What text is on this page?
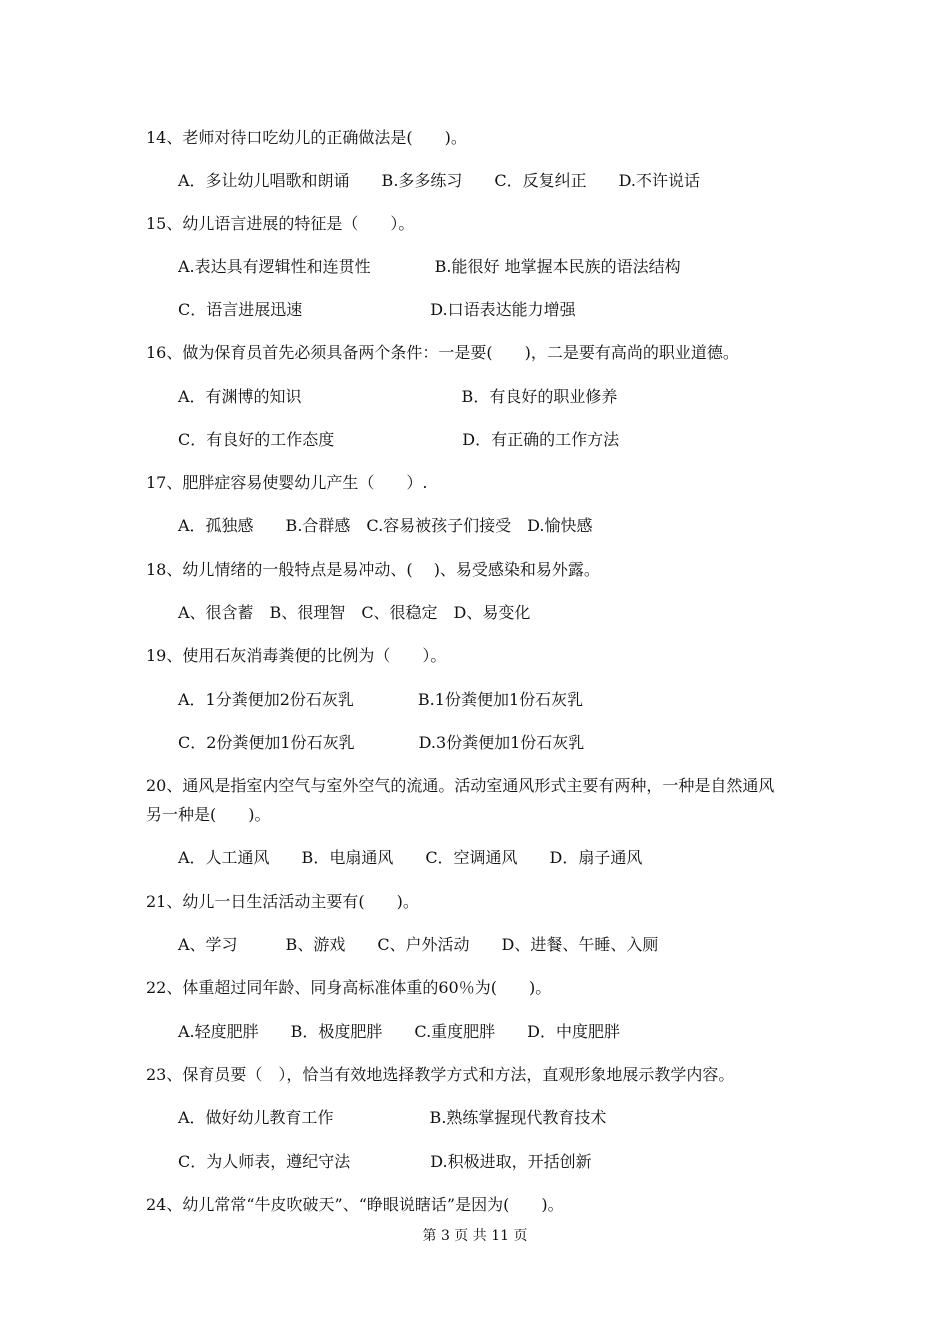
14、老师对待口吃幼儿的正确做法是(　　)。
A．多让幼儿唱歌和朗诵　　B.多多练习　　C．反复纠正　　D.不许说话
15、幼儿语言进展的特征是（　　）。
A.表达具有逻辑性和连贯性　　　　B.能很好 地掌握本民族的语法结构
C．语言进展迅速　　　　　　　　D.口语表达能力增强
16、做为保育员首先必须具备两个条件：一是要(　　)，二是要有高尚的职业道德。
A．有渊博的知识　　　　　　　　　　B．有良好的职业修养
C．有良好的工作态度　　　　　　　　D．有正确的工作方法
17、肥胖症容易使婴幼儿产生（　　）.
A．孤独感　　B.合群感　C.容易被孩子们接受　D.愉快感
18、幼儿情绪的一般特点是易冲动、(　 )、易受感染和易外露。
A、很含蓄　B、很理智　C、很稳定　D、易变化
19、使用石灰消毒粪便的比例为（　　）。
A．1分粪便加2份石灰乳　　　　B.1份粪便加1份石灰乳
C．2份粪便加1份石灰乳　　　　D.3份粪便加1份石灰乳
20、通风是指室内空气与室外空气的流通。活动室通风形式主要有两种，一种是自然通风
另一种是(　　)。
A．人工通风　　B．电扇通风　　C．空调通风　　D．扇子通风
21、幼儿一日生活活动主要有(　　)。
A、学习　　　B、游戏　　C、户外活动　　D、进餐、午睡、入厕
22、体重超过同年龄、同身高标准体重的60％为(　　)。
A.轻度肥胖　　B．极度肥胖　　C.重度肥胖　　D．中度肥胖
23、保育员要（　），恰当有效地选择教学方式和方法，直观形象地展示教学内容。
A．做好幼儿教育工作　　　　　　B.熟练掌握现代教育技术
C．为人师表，遵纪守法　　　　　D.积极进取，开括创新
24、幼儿常常“牛皮吹破天”、“睁眼说瞎话”是因为(　　)。
第 3 页 共 11 页
